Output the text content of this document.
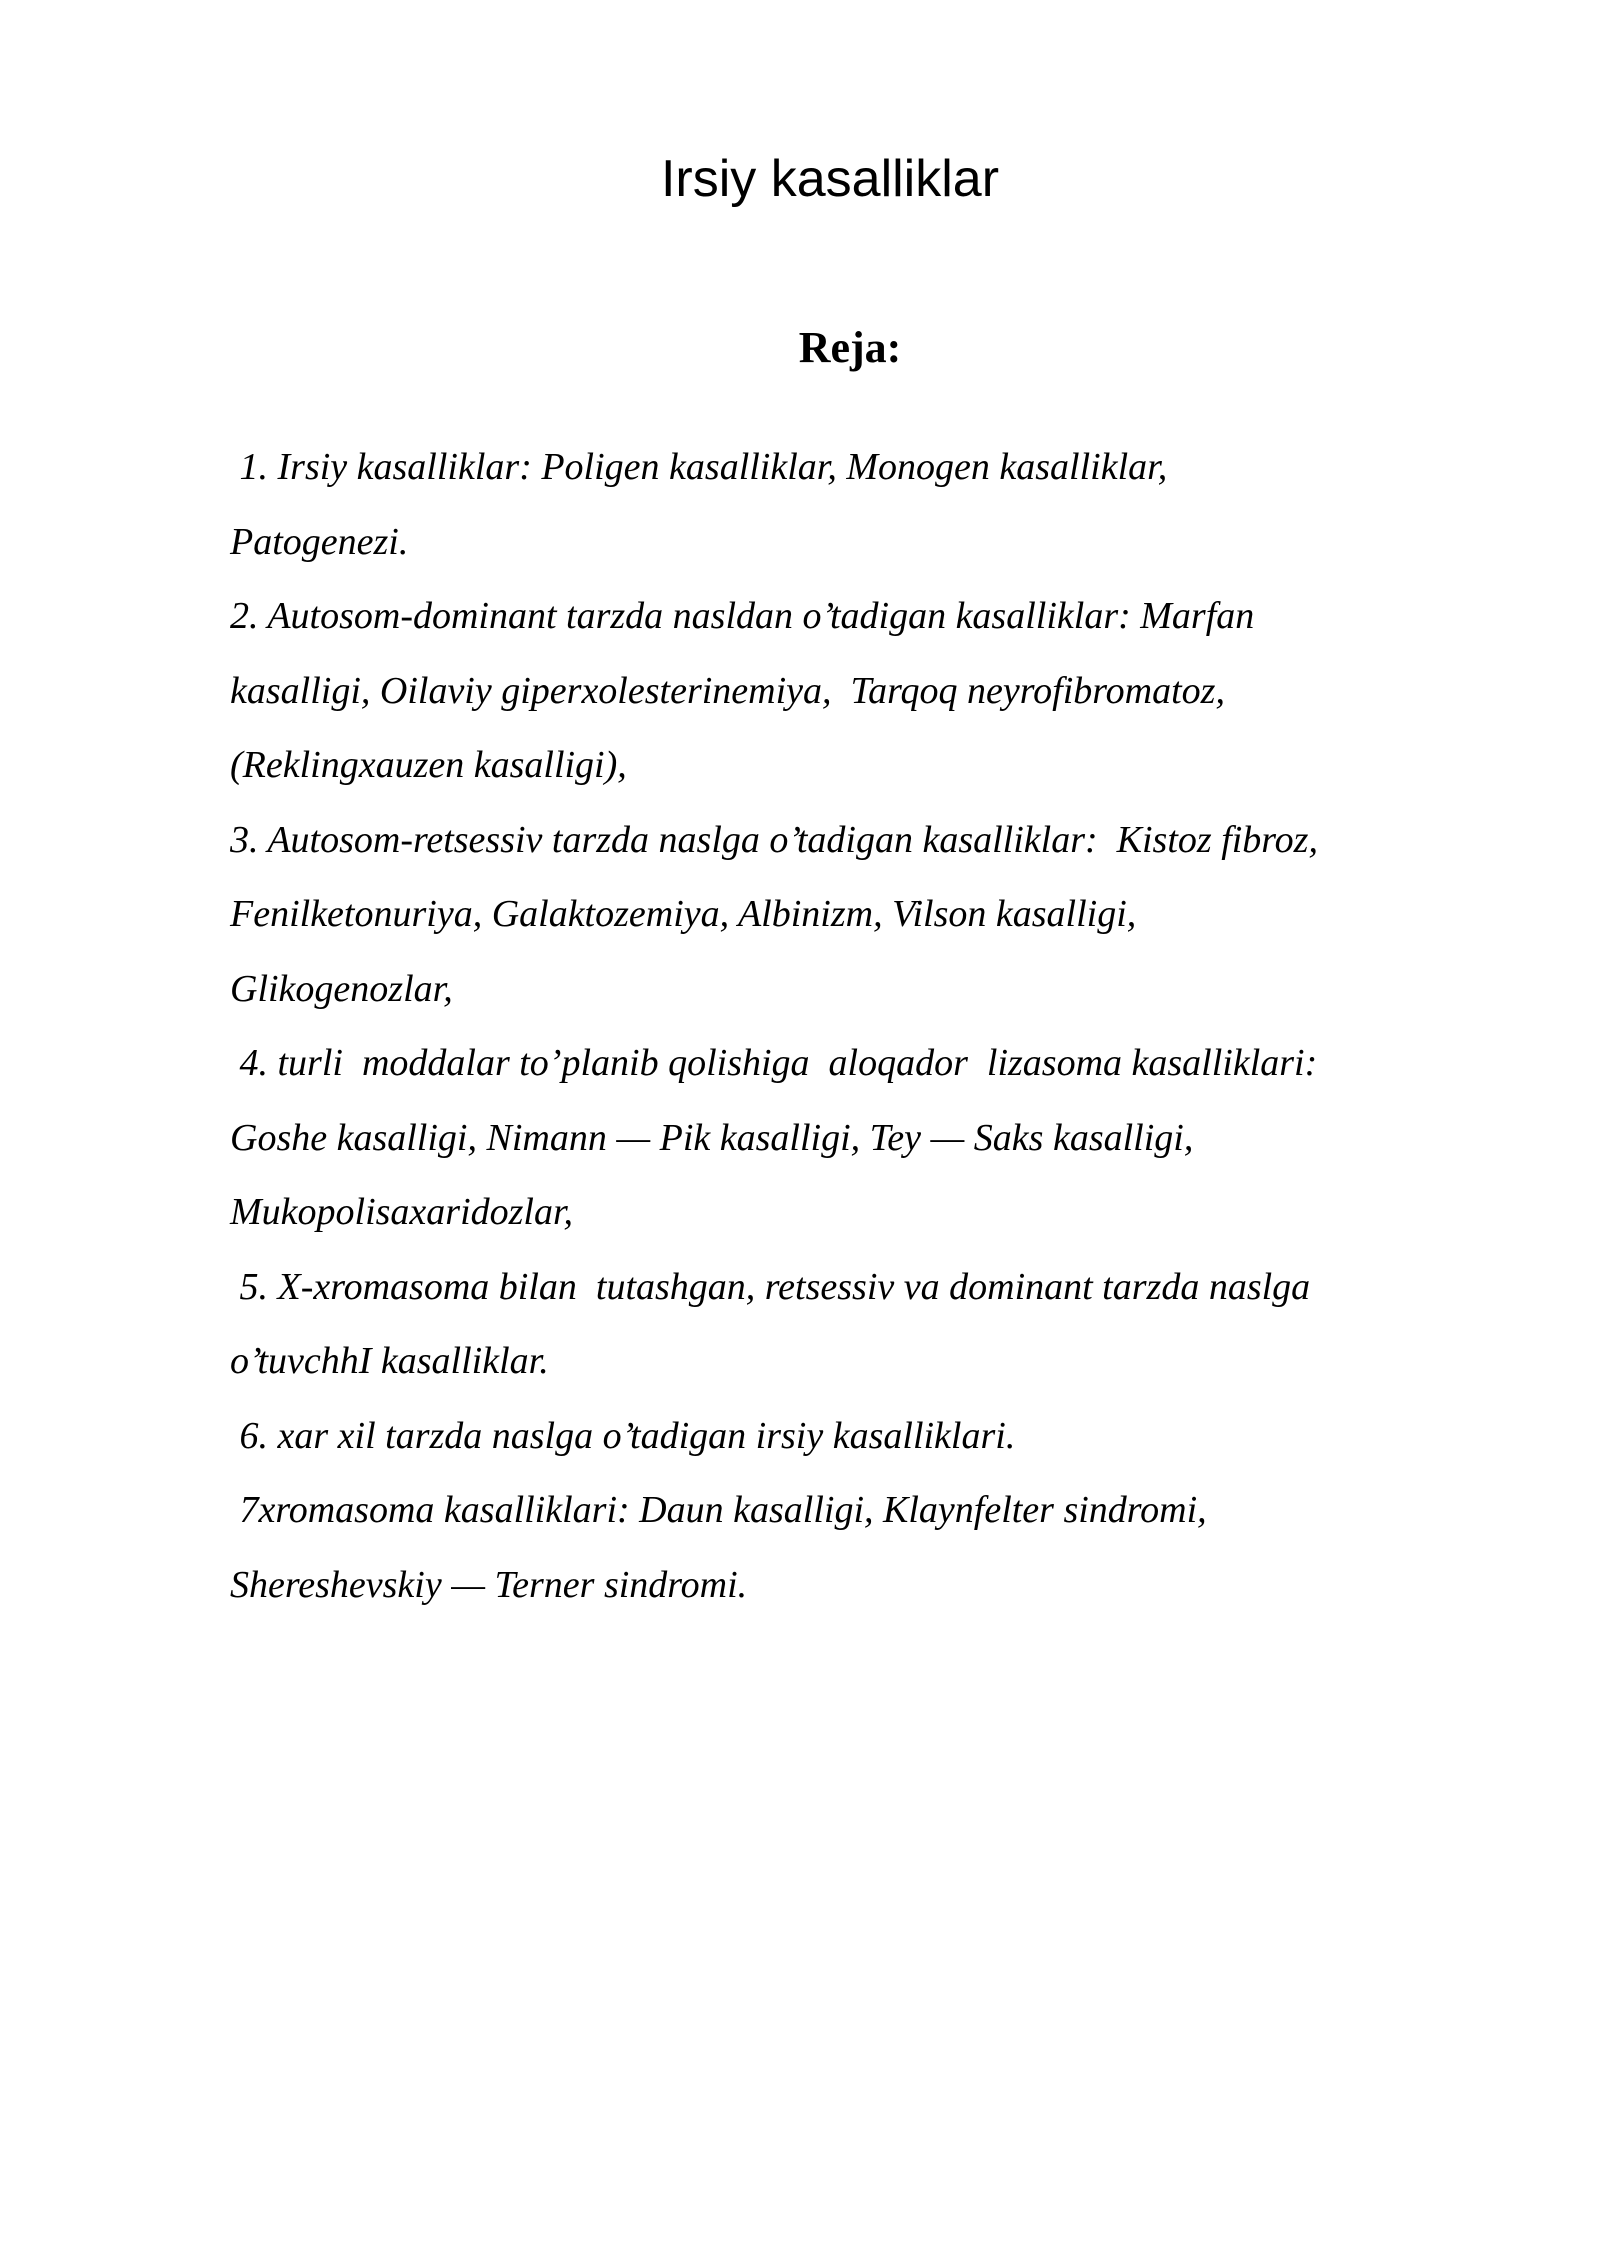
Irsiy kasalliklar
Reja:
1. Irsiy kasalliklar: Poligen kasalliklar, Monogen kasalliklar,
Patogenezi.
2. Autosom-dominant tarzda nasldan o’tadigan kasalliklar: Marfan
kasalligi, Oilaviy giperxolesterinemiya,  Tarqoq neyrofibromatoz,
(Reklingxauzen kasalligi),
3. Autosom-retsessiv tarzda naslga o’tadigan kasalliklar:  Kistoz fibroz,
Fenilketonuriya, Galaktozemiya, Albinizm, Vilson kasalligi,
Glikogenozlar,
4. turli  moddalar to’planib qolishiga  aloqador  lizasoma kasalliklari:
Goshe kasalligi, Nimann — Pik kasalligi, Tey — Saks kasalligi,
Mukopolisaxaridozlar,
5. X-xromasoma bilan  tutashgan, retsessiv va dominant tarzda naslga
o’tuvchhI kasalliklar.
6. xar xil tarzda naslga o’tadigan irsiy kasalliklari.
7xromasoma kasalliklari: Daun kasalligi, Klaynfelter sindromi,
Shereshevskiy — Terner sindromi.
